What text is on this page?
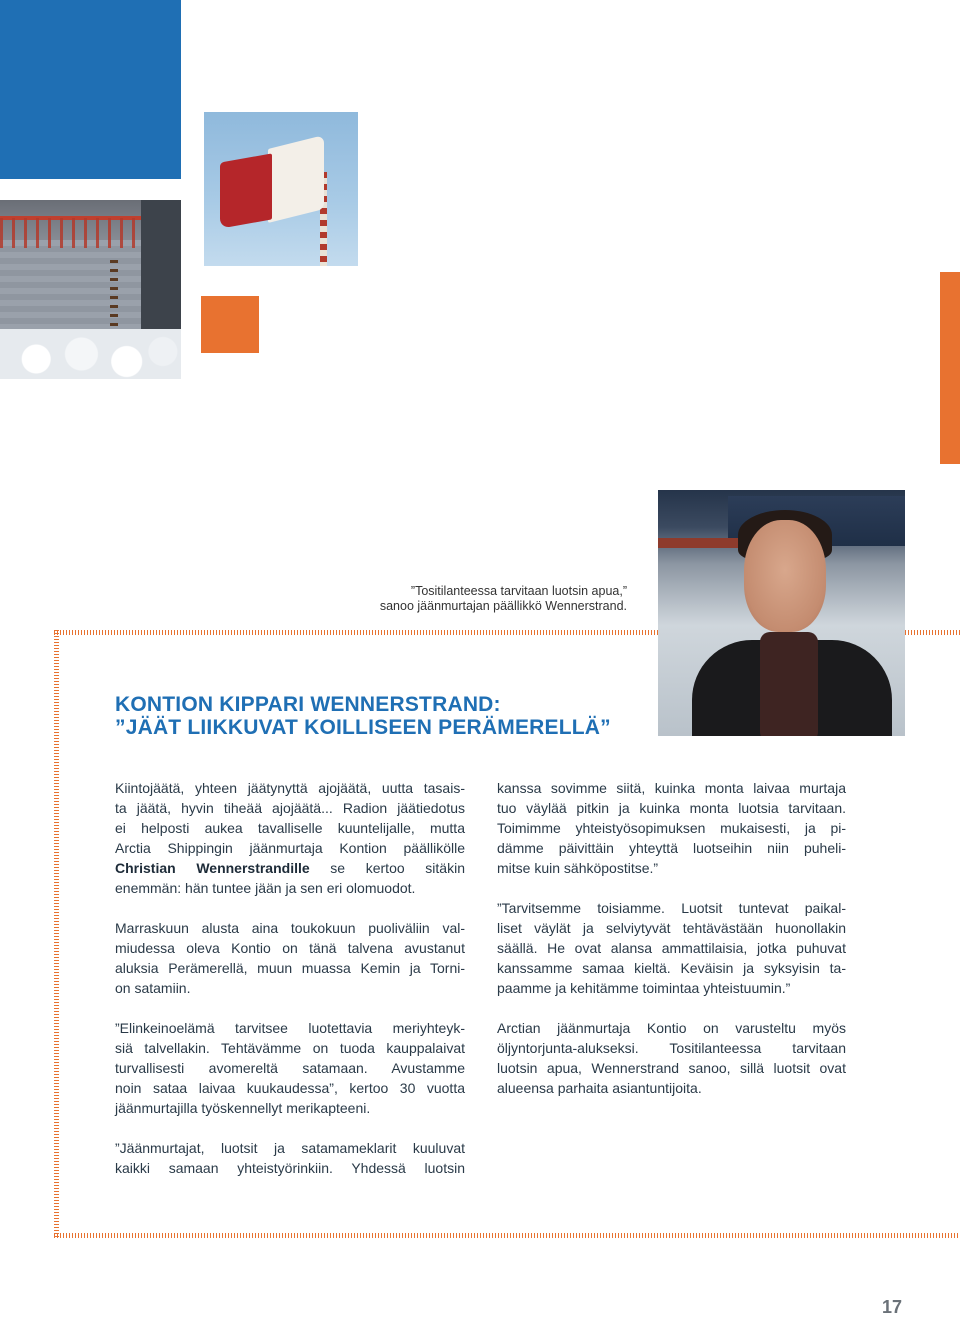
”Tositilanteessa tarvitaan luotsin apua,”
sanoo jäänmurtajan päällikkö Wennerstrand.
KONTION KIPPARI WENNERSTRAND:
”JÄÄT LIIKKUVAT KOILLISEEN PERÄMERELLÄ”

Kiintojäätä, yhteen jäätynyttä ajojäätä, uutta tasais-
ta jäätä, hyvin tiheää ajojäätä... Radion jäätiedotus
ei helposti aukea tavalliselle kuuntelijalle, mutta
Arctia Shippingin jäänmurtaja Kontion päällikölle
Christian Wennerstrandille se kertoo sitäkin
enemmän: hän tuntee jään ja sen eri olomuodot.

Marraskuun alusta aina toukokuun puoliväliin val-
miudessa oleva Kontio on tänä talvena avustanut
aluksia Perämerellä, muun muassa Kemin ja Torni-
on satamiin.

”Elinkeinoelämä tarvitsee luotettavia meriyhteyk-
siä talvellakin. Tehtävämme on tuoda kauppalaivat
turvallisesti avomereltä satamaan. Avustamme
noin sataa laivaa kuukaudessa”, kertoo 30 vuotta
jäänmurtajilla työskennellyt merikapteeni.

”Jäänmurtajat, luotsit ja satamameklarit kuuluvat
kaikki samaan yhteistyörinkiin. Yhdessä luotsin

kanssa sovimme siitä, kuinka monta laivaa murtaja
tuo väylää pitkin ja kuinka monta luotsia tarvitaan.
Toimimme yhteistyösopimuksen mukaisesti, ja pi-
dämme päivittäin yhteyttä luotseihin niin puheli-
mitse kuin sähköpostitse.”

”Tarvitsemme toisiamme. Luotsit tuntevat paikal-
liset väylät ja selviytyvät tehtävästään huonollakin
säällä. He ovat alansa ammattilaisia, jotka puhuvat
kanssamme samaa kieltä. Keväisin ja syksyisin ta-
paamme ja kehitämme toimintaa yhteistuumin.”

Arctian jäänmurtaja Kontio on varusteltu myös
öljyntorjunta-alukseksi. Tositilanteessa tarvitaan
luotsin apua, Wennerstrand sanoo, sillä luotsit ovat
alueensa parhaita asiantuntijoita.

17
